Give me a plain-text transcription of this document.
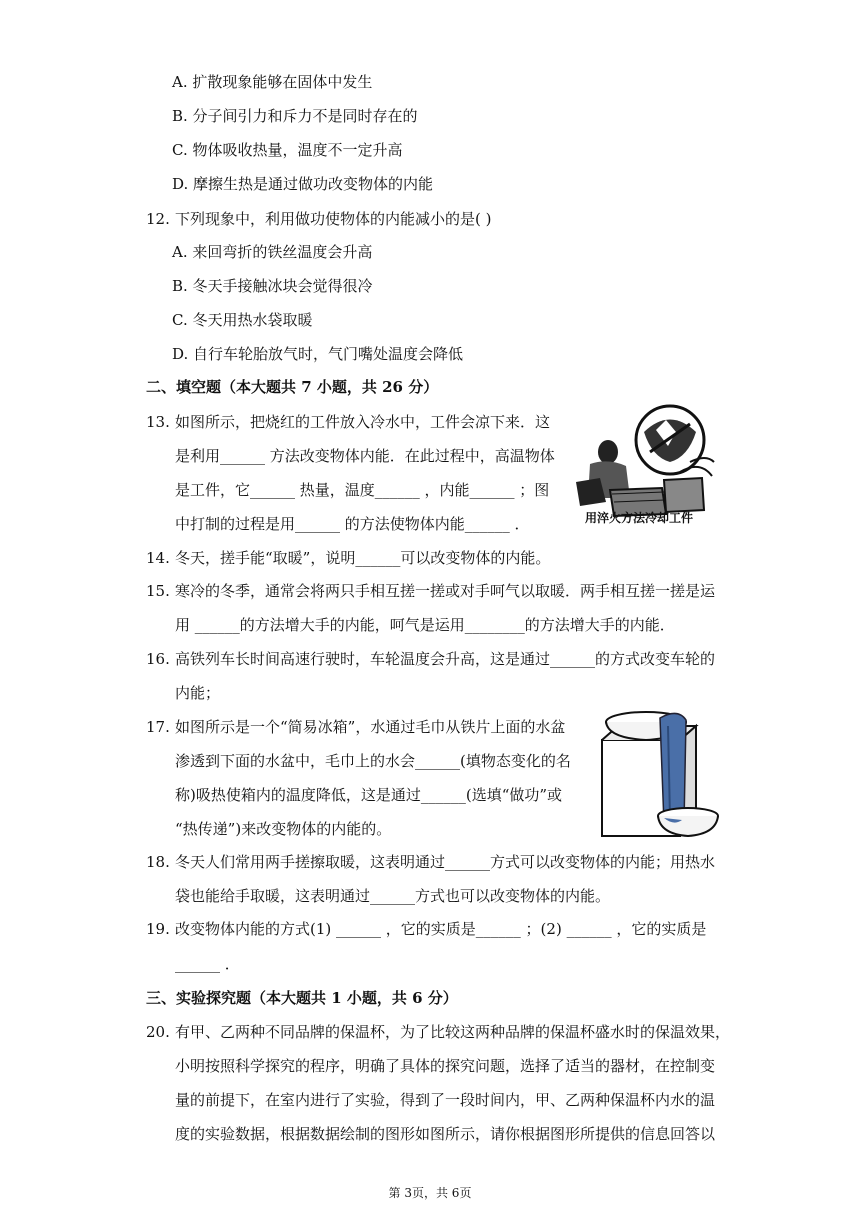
A. 扩散现象能够在固体中发生
B. 分子间引力和斥力不是同时存在的
C. 物体吸收热量，温度不一定升高
D. 摩擦生热是通过做功改变物体的内能
12. 下列现象中，利用做功使物体的内能减小的是( )
A. 来回弯折的铁丝温度会升高
B. 冬天手接触冰块会觉得很冷
C. 冬天用热水袋取暖
D. 自行车轮胎放气时，气门嘴处温度会降低
二、填空题（本大题共 7 小题，共 26 分）
13. 如图所示，把烧红的工件放入冷水中，工件会凉下来．这
是利用______ 方法改变物体内能．在此过程中，高温物体
是工件，它______ 热量，温度______ ，内能______ ；图
中打制的过程是用______ 的方法使物体内能______ ．	用淬火方法冷却工件
14. 冬天，搓手能“取暖”，说明______可以改变物体的内能。
15. 寒冷的冬季，通常会将两只手相互搓一搓或对手呵气以取暖．两手相互搓一搓是运
用 ______的方法增大手的内能，呵气是运用________的方法增大手的内能．
16. 高铁列车长时间高速行驶时，车轮温度会升高，这是通过______的方式改变车轮的
内能；
17. 如图所示是一个“简易冰箱”，水通过毛巾从铁片上面的水盆
渗透到下面的水盆中，毛巾上的水会______(填物态变化的名
称)吸热使箱内的温度降低，这是通过______(选填“做功”或
“热传递”)来改变物体的内能的。
18. 冬天人们常用两手搓擦取暖，这表明通过______方式可以改变物体的内能；用热水
袋也能给手取暖，这表明通过______方式也可以改变物体的内能。
19. 改变物体内能的方式(1) ______ ，它的实质是______ ；(2) ______ ，它的实质是
______ ．
三、实验探究题（本大题共 1 小题，共 6 分）
20. 有甲、乙两种不同品牌的保温杯，为了比较这两种品牌的保温杯盛水时的保温效果，
小明按照科学探究的程序，明确了具体的探究问题，选择了适当的器材，在控制变
量的前提下，在室内进行了实验，得到了一段时间内，甲、乙两种保温杯内水的温
度的实验数据，根据数据绘制的图形如图所示，请你根据图形所提供的信息回答以
第 3页，共 6页
